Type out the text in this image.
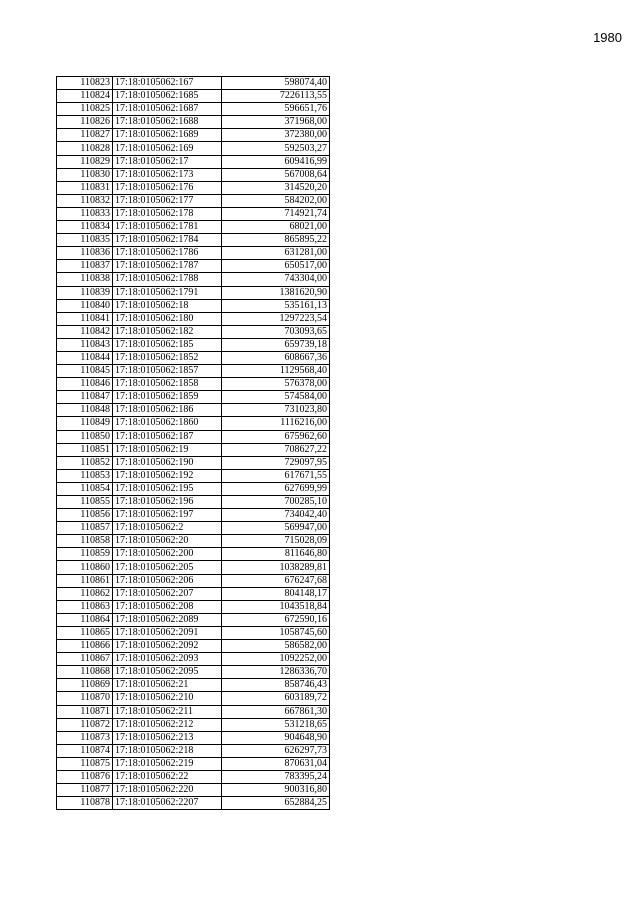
1980
110823	17:18:0105062:167	598074,40
110824	17:18:0105062:1685	7226113,55
110825	17:18:0105062:1687	596651,76
110826	17:18:0105062:1688	371968,00
110827	17:18:0105062:1689	372380,00
110828	17:18:0105062:169	592503,27
110829	17:18:0105062:17	609416,99
110830	17:18:0105062:173	567008,64
110831	17:18:0105062:176	314520,20
110832	17:18:0105062:177	584202,00
110833	17:18:0105062:178	714921,74
110834	17:18:0105062:1781	68021,00
110835	17:18:0105062:1784	865895,22
110836	17:18:0105062:1786	631281,00
110837	17:18:0105062:1787	650517,00
110838	17:18:0105062:1788	743304,00
110839	17:18:0105062:1791	1381620,90
110840	17:18:0105062:18	535161,13
110841	17:18:0105062:180	1297223,54
110842	17:18:0105062:182	703093,65
110843	17:18:0105062:185	659739,18
110844	17:18:0105062:1852	608667,36
110845	17:18:0105062:1857	1129568,40
110846	17:18:0105062:1858	576378,00
110847	17:18:0105062:1859	574584,00
110848	17:18:0105062:186	731023,80
110849	17:18:0105062:1860	1116216,00
110850	17:18:0105062:187	675962,60
110851	17:18:0105062:19	708627,22
110852	17:18:0105062:190	729097,95
110853	17:18:0105062:192	617671,55
110854	17:18:0105062:195	627699,99
110855	17:18:0105062:196	700285,10
110856	17:18:0105062:197	734042,40
110857	17:18:0105062:2	569947,00
110858	17:18:0105062:20	715028,09
110859	17:18:0105062:200	811646,80
110860	17:18:0105062:205	1038289,81
110861	17:18:0105062:206	676247,68
110862	17:18:0105062:207	804148,17
110863	17:18:0105062:208	1043518,84
110864	17:18:0105062:2089	672590,16
110865	17:18:0105062:2091	1058745,60
110866	17:18:0105062:2092	586582,00
110867	17:18:0105062:2093	1092252,00
110868	17:18:0105062:2095	1286336,70
110869	17:18:0105062:21	858746,43
110870	17:18:0105062:210	603189,72
110871	17:18:0105062:211	667861,30
110872	17:18:0105062:212	531218,65
110873	17:18:0105062:213	904648,90
110874	17:18:0105062:218	626297,73
110875	17:18:0105062:219	870631,04
110876	17:18:0105062:22	783395,24
110877	17:18:0105062:220	900316,80
110878	17:18:0105062:2207	652884,25
